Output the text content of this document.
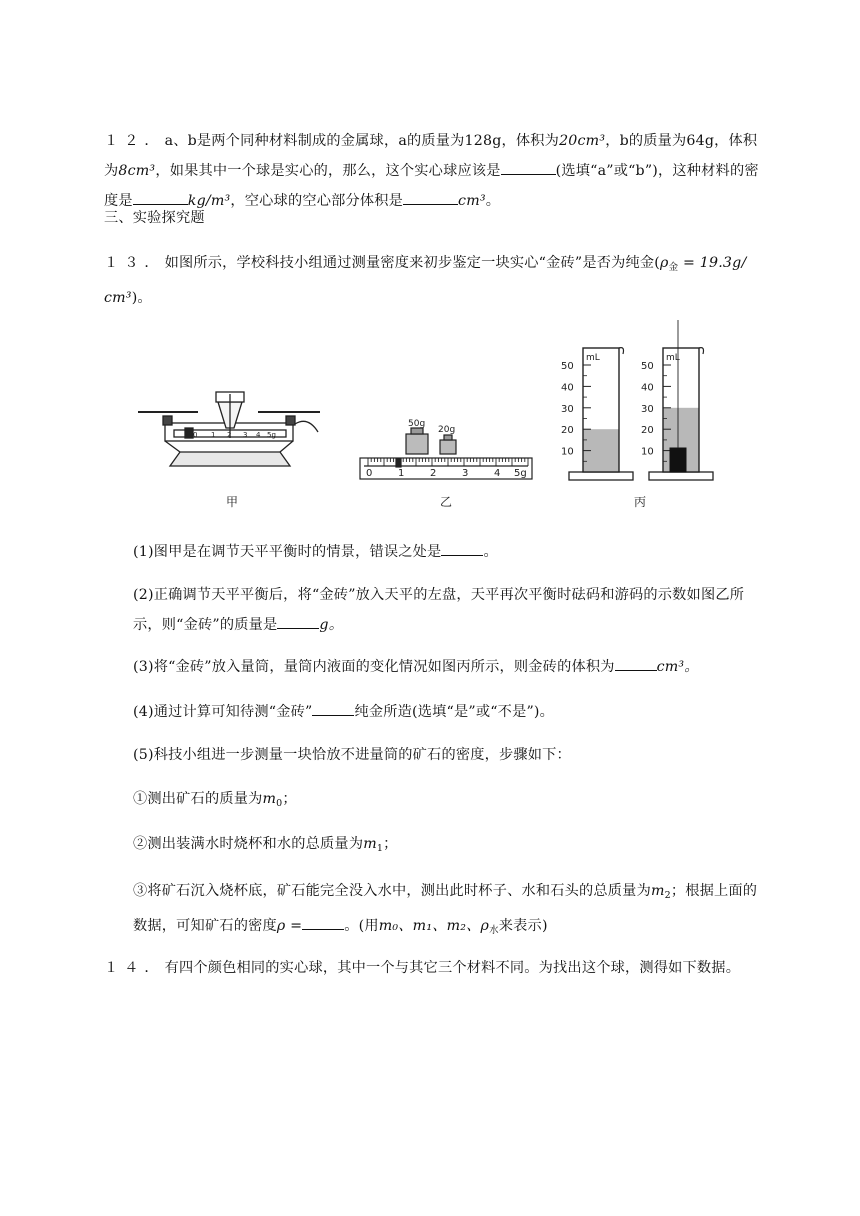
１２．a、b是两个同种材料制成的金属球，a的质量为128g，体积为20cm³，b的质量为64g，体积为8cm³，如果其中一个球是实心的，那么，这个实心球应该是	(选填“a”或“b”)，这种材料的密度是	kg/m³，空心球的空心部分体积是	cm³。
三、实验探究题
１３．如图所示，学校科技小组通过测量密度来初步鉴定一块实心“金砖”是否为纯金($\rho_金 = 19.3g/$
cm³)。
0 1 2 3 4 5g
0	1	2	3	4 5g
50g
20g
mL
50
40
30
20
10
mL
50
40
30
20
10
甲	乙	丙
(1)图甲是在调节天平平衡时的情景，错误之处是	。
(2)正确调节天平平衡后，将“金砖”放入天平的左盘，天平再次平衡时砝码和游码的示数如图乙所示，则“金砖”的质量是	g。
(3)将“金砖”放入量筒，量筒内液面的变化情况如图丙所示，则金砖的体积为	cm³。
(4)通过计算可知待测“金砖”	纯金所造(选填“是”或“不是”)。
(5)科技小组进一步测量一块恰放不进量筒的矿石的密度，步骤如下：
①测出矿石的质量为$m_0$；
②测出装满水时烧杯和水的总质量为$m_1$；
③将矿石沉入烧杯底，矿石能完全没入水中，测出此时杯子、水和石头的总质量为$m_2$；根据上面的数据，可知矿石的密度ρ =	。(用m₀、m₁、m₂、$\rho_水$来表示)
１４．有四个颜色相同的实心球，其中一个与其它三个材料不同。为找出这个球，测得如下数据。
